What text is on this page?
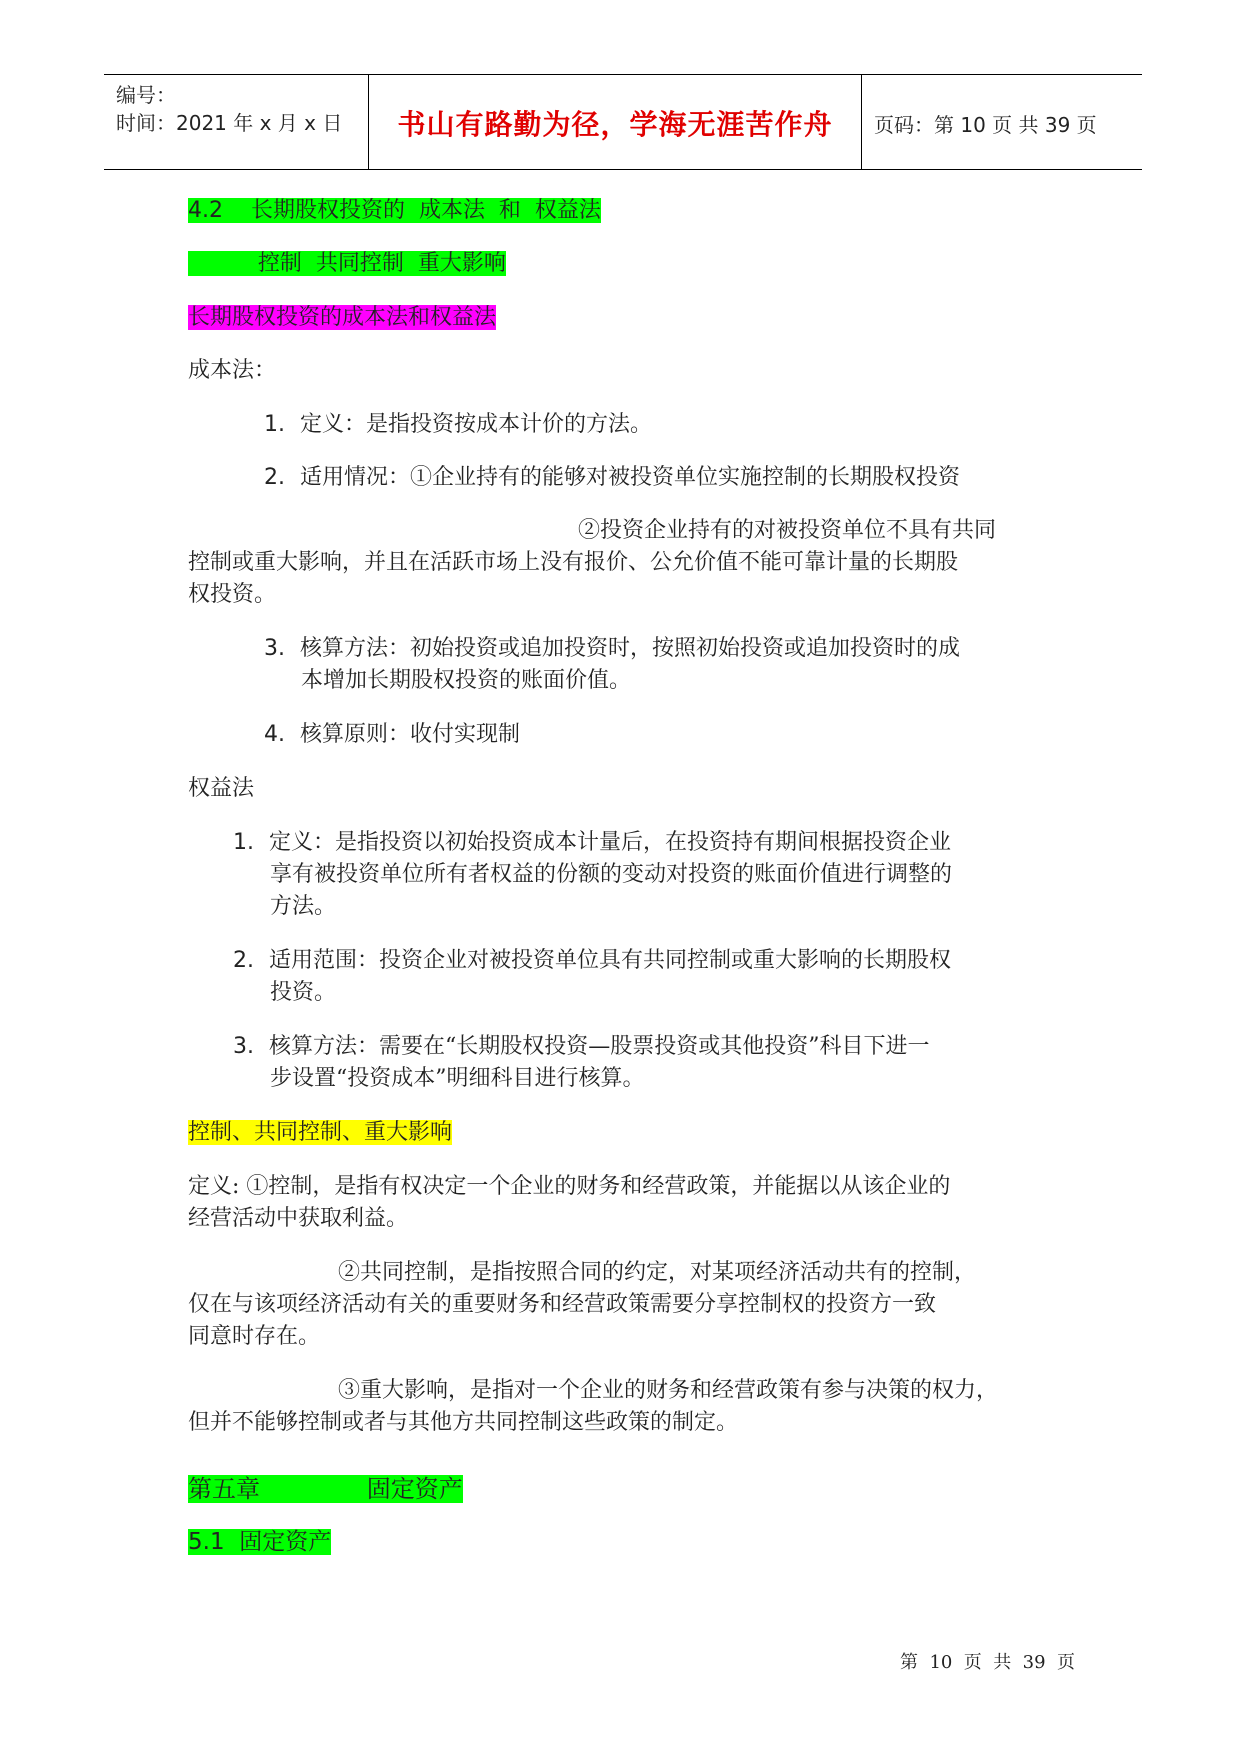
编号：
时间：2021 年 x 月 x 日	书山有路勤为径，学海无涯苦作舟	页码：第 10 页 共 39 页
4.2    长期股权投资的  成本法  和  权益法
控制  共同控制  重大影响
长期股权投资的成本法和权益法
成本法：
1. 定义：是指投资按成本计价的方法。
2. 适用情况：①企业持有的能够对被投资单位实施控制的长期股权投资
②投资企业持有的对被投资单位不具有共同
控制或重大影响，并且在活跃市场上没有报价、公允价值不能可靠计量的长期股
权投资。
3. 核算方法：初始投资或追加投资时，按照初始投资或追加投资时的成
本增加长期股权投资的账面价值。
4. 核算原则：收付实现制
权益法
1. 定义：是指投资以初始投资成本计量后，在投资持有期间根据投资企业
享有被投资单位所有者权益的份额的变动对投资的账面价值进行调整的
方法。
2. 适用范围：投资企业对被投资单位具有共同控制或重大影响的长期股权
投资。
3. 核算方法：需要在“长期股权投资—股票投资或其他投资”科目下进一
步设置“投资成本”明细科目进行核算。
控制、共同控制、重大影响
定义: ①控制，是指有权决定一个企业的财务和经营政策，并能据以从该企业的
经营活动中获取利益。
②共同控制，是指按照合同的约定，对某项经济活动共有的控制，
仅在与该项经济活动有关的重要财务和经营政策需要分享控制权的投资方一致
同意时存在。
③重大影响，是指对一个企业的财务和经营政策有参与决策的权力，
但并不能够控制或者与其他方共同控制这些政策的制定。
第五章              固定资产
5.1  固定资产
第  10  页  共  39  页
